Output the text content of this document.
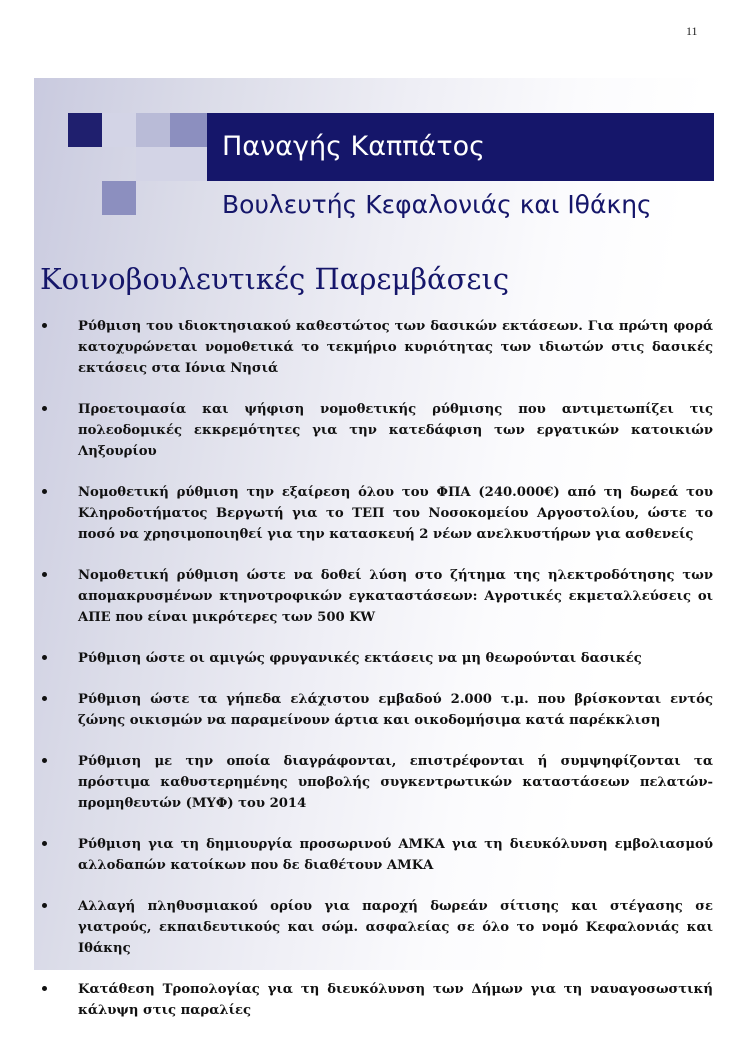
11
Παναγής Καππάτος
Βουλευτής Κεφαλονιάς και Ιθάκης
Κοινοβουλευτικές Παρεμβάσεις
Ρύθμιση του ιδιοκτησιακού καθεστώτος των δασικών εκτάσεων. Για πρώτη φορά κατοχυρώνεται νομοθετικά το τεκμήριο κυριότητας των ιδιωτών στις δασικές εκτάσεις στα Ιόνια Νησιά
Προετοιμασία και ψήφιση νομοθετικής ρύθμισης που αντιμετωπίζει τις πολεοδομικές εκκρεμότητες για την κατεδάφιση των εργατικών κατοικιών Ληξουρίου
Νομοθετική ρύθμιση την εξαίρεση όλου του ΦΠΑ (240.000€) από τη δωρεά του Κληροδοτήματος Βεργωτή για το ΤΕΠ του Νοσοκομείου Αργοστολίου, ώστε το ποσό να χρησιμοποιηθεί για την κατασκευή 2 νέων ανελκυστήρων για ασθενείς
Νομοθετική ρύθμιση ώστε να δοθεί λύση στο ζήτημα της ηλεκτροδότησης των απομακρυσμένων κτηνοτροφικών εγκαταστάσεων: Αγροτικές εκμεταλλεύσεις οι ΑΠΕ που είναι μικρότερες των 500 KW
Ρύθμιση ώστε οι αμιγώς φρυγανικές εκτάσεις να μη θεωρούνται δασικές
Ρύθμιση ώστε τα γήπεδα ελάχιστου εμβαδού 2.000 τ.μ. που βρίσκονται εντός ζώνης οικισμών να παραμείνουν άρτια και οικοδομήσιμα κατά παρέκκλιση
Ρύθμιση με την οποία διαγράφονται, επιστρέφονται ή συμψηφίζονται τα πρόστιμα καθυστερημένης υποβολής συγκεντρωτικών καταστάσεων πελατών-προμηθευτών (ΜΥΦ) του 2014
Ρύθμιση για τη δημιουργία προσωρινού ΑΜΚΑ για τη διευκόλυνση εμβολιασμού αλλοδαπών κατοίκων που δε διαθέτουν ΑΜΚΑ
Αλλαγή πληθυσμιακού ορίου για παροχή δωρεάν σίτισης και στέγασης σε γιατρούς, εκπαιδευτικούς και σώμ. ασφαλείας σε όλο το νομό Κεφαλονιάς και Ιθάκης
Κατάθεση Τροπολογίας για τη διευκόλυνση των Δήμων για τη ναυαγοσωστική κάλυψη στις παραλίες
